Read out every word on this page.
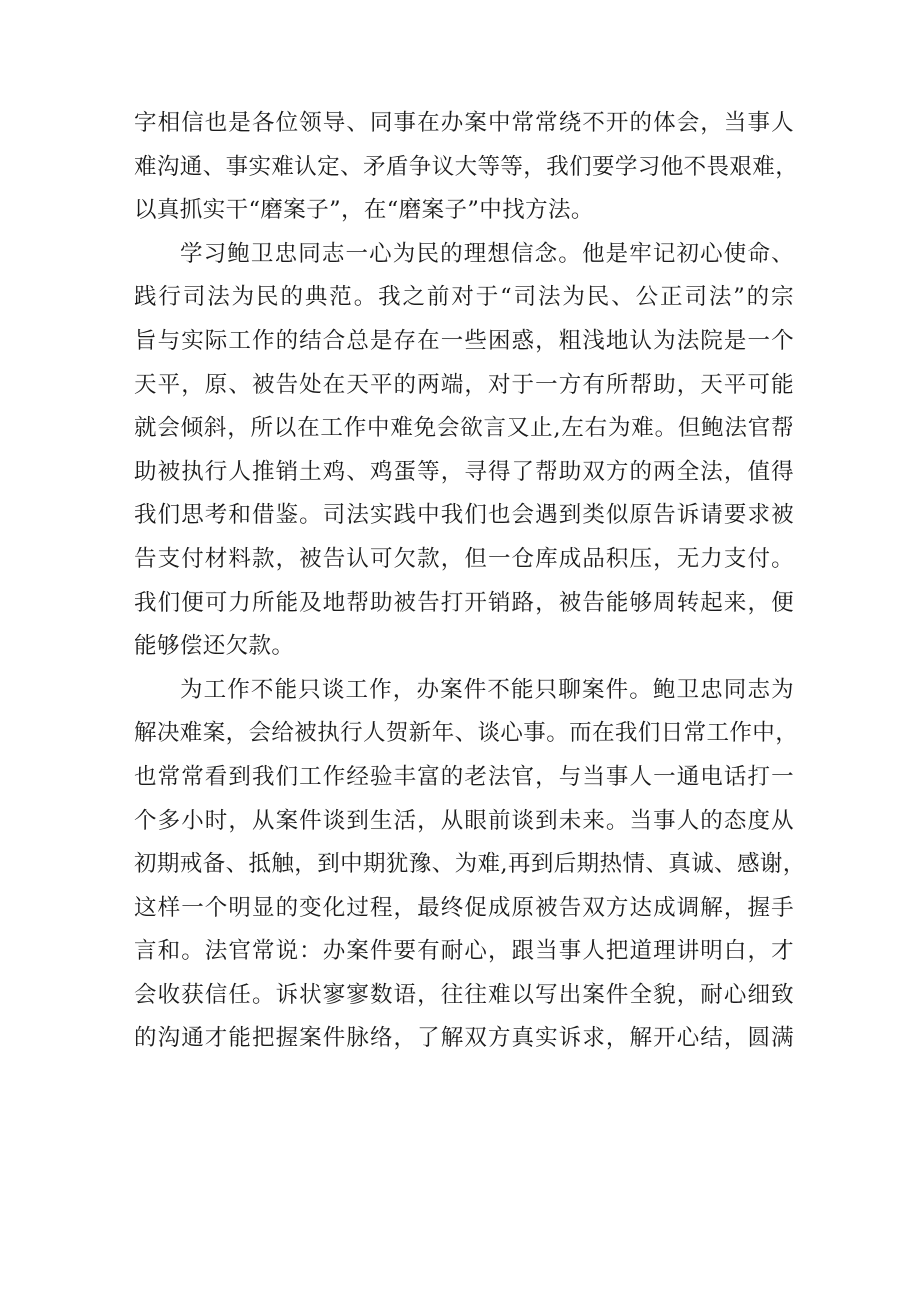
字相信也是各位领导、同事在办案中常常绕不开的体会，当事人
难沟通、事实难认定、矛盾争议大等等，我们要学习他不畏艰难，
以真抓实干“磨案子”，在“磨案子”中找方法。
学习鲍卫忠同志一心为民的理想信念。他是牢记初心使命、
践行司法为民的典范。我之前对于“司法为民、公正司法”的宗
旨与实际工作的结合总是存在一些困惑，粗浅地认为法院是一个
天平，原、被告处在天平的两端，对于一方有所帮助，天平可能
就会倾斜，所以在工作中难免会欲言又止,左右为难。但鲍法官帮
助被执行人推销土鸡、鸡蛋等，寻得了帮助双方的两全法，值得
我们思考和借鉴。司法实践中我们也会遇到类似原告诉请要求被
告支付材料款，被告认可欠款，但一仓库成品积压，无力支付。
我们便可力所能及地帮助被告打开销路，被告能够周转起来，便
能够偿还欠款。
为工作不能只谈工作，办案件不能只聊案件。鲍卫忠同志为
解决难案，会给被执行人贺新年、谈心事。而在我们日常工作中，
也常常看到我们工作经验丰富的老法官，与当事人一通电话打一
个多小时，从案件谈到生活，从眼前谈到未来。当事人的态度从
初期戒备、抵触，到中期犹豫、为难,再到后期热情、真诚、感谢，
这样一个明显的变化过程，最终促成原被告双方达成调解，握手
言和。法官常说：办案件要有耐心，跟当事人把道理讲明白，才
会收获信任。诉状寥寥数语，往往难以写出案件全貌，耐心细致
的沟通才能把握案件脉络，了解双方真实诉求，解开心结，圆满
